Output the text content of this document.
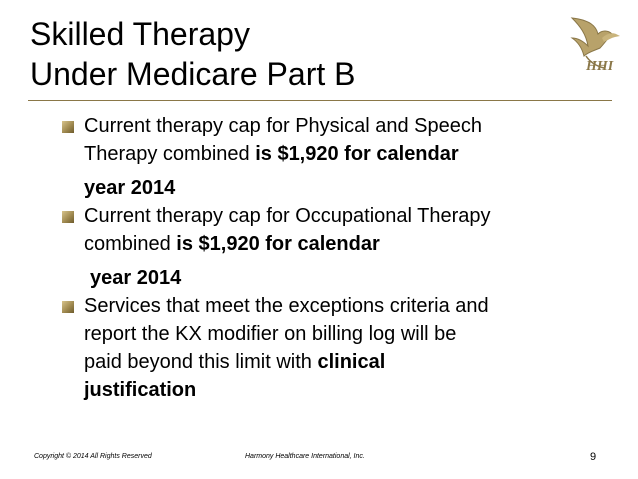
Skilled Therapy
Under Medicare Part B	HHI
Current therapy cap for Physical and Speech
Therapy combined is $1,920 for calendar
year 2014
Current therapy cap for Occupational Therapy
combined is $1,920 for calendar
year 2014
Services that meet the exceptions criteria and
report the KX modifier on billing log will be
paid beyond this limit with clinical
justification
Copyright © 2014 All Rights Reserved	Harmony Healthcare International, Inc.	9
